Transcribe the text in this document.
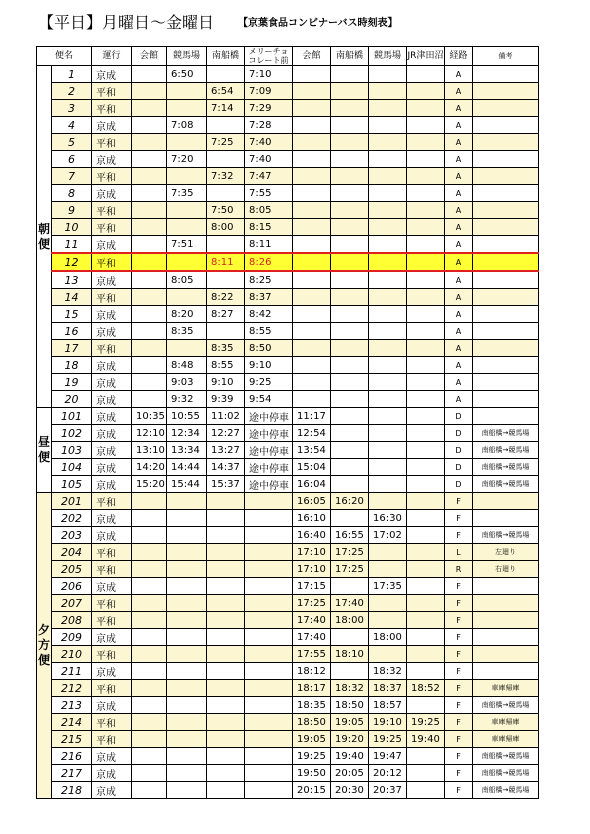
【平日】月曜日～金曜日 【京葉食品コンビナーバス時刻表】
便名		運行	会館	競馬場	南船橋	メリーチョコレート前	会館	南船橋	競馬場	JR津田沼	経路	備考
朝便	1	京成		6:50		7:10					A	
	2	平和			6:54	7:09					A	
	3	平和			7:14	7:29					A	
	4	京成		7:08		7:28					A	
	5	平和			7:25	7:40					A	
	6	京成		7:20		7:40					A	
	7	平和			7:32	7:47					A	
	8	京成		7:35		7:55					A	
	9	平和			7:50	8:05					A	
	10	平和			8:00	8:15					A	
	11	京成		7:51		8:11					A	
	12	平和			8:11	8:26					A	
	13	京成		8:05		8:25					A	
	14	平和			8:22	8:37					A	
	15	京成		8:20	8:27	8:42					A	
	16	京成		8:35		8:55					A	
	17	平和			8:35	8:50					A	
	18	京成		8:48	8:55	9:10					A	
	19	京成		9:03	9:10	9:25					A	
	20	京成		9:32	9:39	9:54					A	
昼便	101	京成	10:35	10:55	11:02	途中停車	11:17				D	
	102	京成	12:10	12:34	12:27	途中停車	12:54				D	南船橋→競馬場
	103	京成	13:10	13:34	13:27	途中停車	13:54				D	南船橋→競馬場
	104	京成	14:20	14:44	14:37	途中停車	15:04				D	南船橋→競馬場
	105	京成	15:20	15:44	15:37	途中停車	16:04				D	南船橋→競馬場
夕方便	201	平和					16:05	16:20			F	
	202	京成					16:10		16:30		F	
	203	京成					16:40	16:55	17:02		F	南船橋→競馬場
	204	平和					17:10	17:25			L	左廻り
	205	平和					17:10	17:25			R	右廻り
	206	京成					17:15		17:35		F	
	207	平和					17:25	17:40			F	
	208	平和					17:40	18:00			F	
	209	京成					17:40		18:00		F	
	210	平和					17:55	18:10			F	
	211	京成					18:12		18:32		F	
	212	平和					18:17	18:32	18:37	18:52	F	車庫帰庫
	213	京成					18:35	18:50	18:57		F	南船橋→競馬場
	214	平和					18:50	19:05	19:10	19:25	F	車庫帰庫
	215	平和					19:05	19:20	19:25	19:40	F	車庫帰庫
	216	京成					19:25	19:40	19:47		F	南船橋→競馬場
	217	京成					19:50	20:05	20:12		F	南船橋→競馬場
	218	京成					20:15	20:30	20:37		F	南船橋→競馬場
